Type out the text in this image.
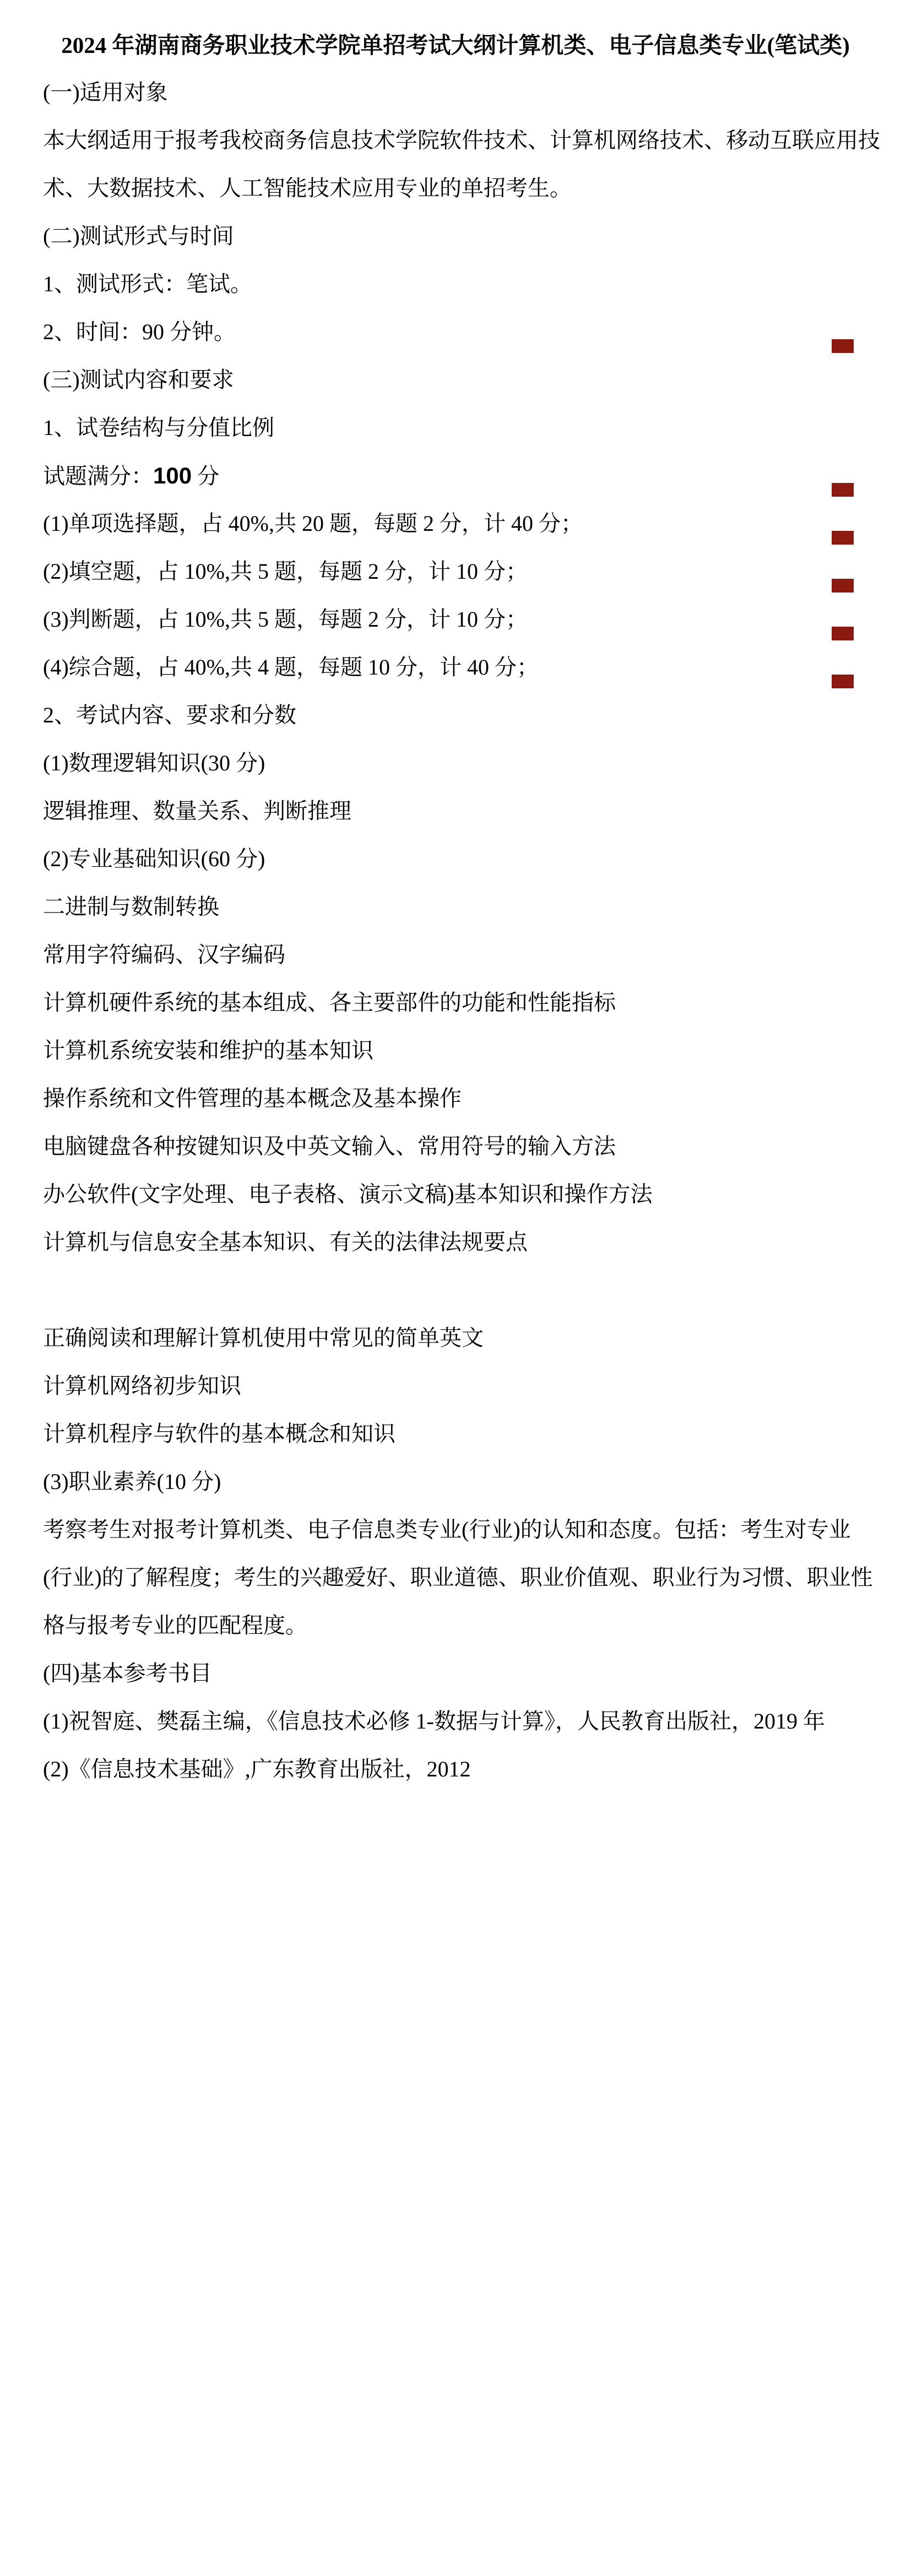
2024 年湖南商务职业技术学院单招考试大纲计算机类、电子信息类专业(笔试类)
(一)适用对象
本大纲适用于报考我校商务信息技术学院软件技术、计算机网络技术、移动互联应用技
术、大数据技术、人工智能技术应用专业的单招考生。
(二)测试形式与时间
1、测试形式：笔试。
2、时间：90 分钟。
(三)测试内容和要求
1、试卷结构与分值比例
试题满分：100 分
(1)单项选择题，占 40%,共 20 题，每题 2 分，计 40 分；
(2)填空题，占 10%,共 5 题，每题 2 分，计 10 分；
(3)判断题，占 10%,共 5 题，每题 2 分，计 10 分；
(4)综合题，占 40%,共 4 题，每题 10 分，计 40 分；
2、考试内容、要求和分数
(1)数理逻辑知识(30 分)
逻辑推理、数量关系、判断推理
(2)专业基础知识(60 分)
二进制与数制转换
常用字符编码、汉字编码
计算机硬件系统的基本组成、各主要部件的功能和性能指标
计算机系统安装和维护的基本知识
操作系统和文件管理的基本概念及基本操作
电脑键盘各种按键知识及中英文输入、常用符号的输入方法
办公软件(文字处理、电子表格、演示文稿)基本知识和操作方法
计算机与信息安全基本知识、有关的法律法规要点
正确阅读和理解计算机使用中常见的简单英文
计算机网络初步知识
计算机程序与软件的基本概念和知识
(3)职业素养(10 分)
考察考生对报考计算机类、电子信息类专业(行业)的认知和态度。包括：考生对专业
(行业)的了解程度；考生的兴趣爱好、职业道德、职业价值观、职业行为习惯、职业性
格与报考专业的匹配程度。
(四)基本参考书目
(1)祝智庭、樊磊主编，《信息技术必修 1-数据与计算》，人民教育出版社，2019 年
(2)《信息技术基础》,广东教育出版社，2012
